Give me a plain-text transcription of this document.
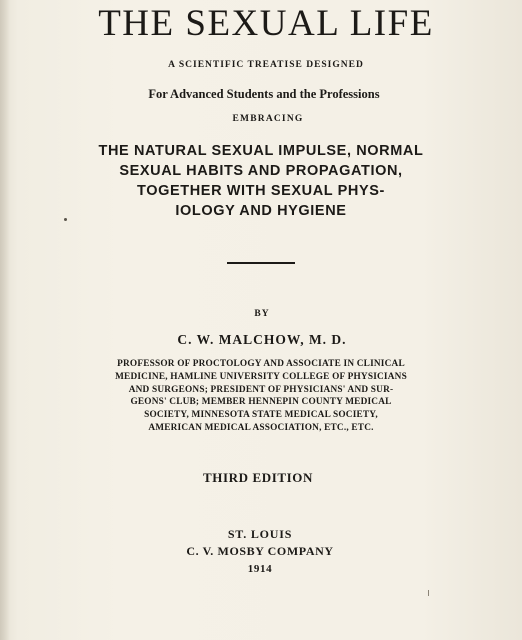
THE SEXUAL LIFE

A SCIENTIFIC TREATISE DESIGNED

For Advanced Students and the Professions

EMBRACING

THE NATURAL SEXUAL IMPULSE, NORMAL
SEXUAL HABITS AND PROPAGATION,
TOGETHER WITH SEXUAL PHYS-
IOLOGY AND HYGIENE

BY

C. W. MALCHOW, M. D.

PROFESSOR OF PROCTOLOGY AND ASSOCIATE IN CLINICAL
MEDICINE, HAMLINE UNIVERSITY COLLEGE OF PHYSICIANS
AND SURGEONS; PRESIDENT OF PHYSICIANS' AND SUR-
GEONS' CLUB; MEMBER HENNEPIN COUNTY MEDICAL
SOCIETY, MINNESOTA STATE MEDICAL SOCIETY,
AMERICAN MEDICAL ASSOCIATION, ETC., ETC.

THIRD EDITION

ST. LOUIS

C. V. MOSBY COMPANY

1914
